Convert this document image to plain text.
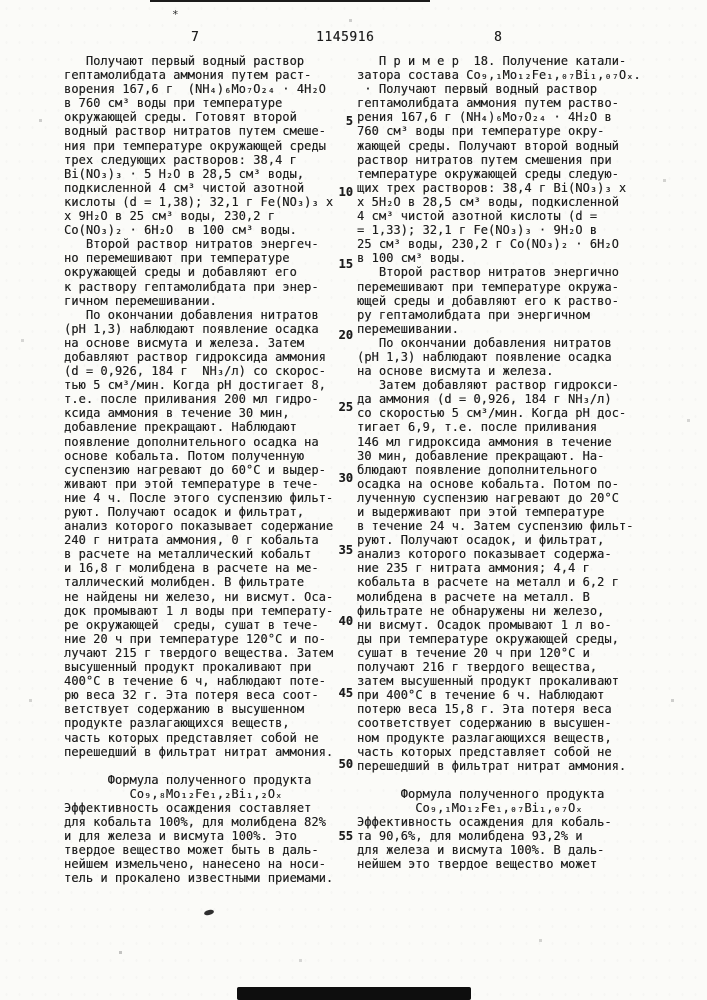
*
7	1145916	8
Получают первый водный раствор
гептамолибдата аммония путем раст-
ворения 167,6 г  (NH₄)₆Mo₇O₂₄ · 4H₂O
в 760 см³ воды при температуре
окружающей среды. Готовят второй
водный раствор нитратов путем смеше-
ния при температуре окружающей среды
трех следующих растворов: 38,4 г
Bi(NO₃)₃ · 5 H₂O в 28,5 см³ воды,
подкисленной 4 см³ чистой азотной
кислоты (d = 1,38); 32,1 г Fe(NO₃)₃ х
х 9H₂O в 25 см³ воды, 230,2 г
Co(NO₃)₂ · 6H₂O  в 100 см³ воды.
Второй раствор нитратов энергеч-
но перемешивают при температуре
окружающей среды и добавляют его
к раствору гептамолибдата при энер-
гичном перемешивании.
По окончании добавления нитратов
(pH 1,3) наблюдают появление осадка
на основе висмута и железа. Затем
добавляют раствор гидроксида аммония
(d = 0,926, 184 г  NH₃/л) со скорос-
тью 5 см³/мин. Когда pH достигает 8,
т.е. после приливания 200 мл гидро-
ксида аммония в течение 30 мин,
добавление прекращают. Наблюдают
появление дополнительного осадка на
основе кобальта. Потом полученную
суспензию нагревают до 60°С и выдер-
живают при этой температуре в тече-
ние 4 ч. После этого суспензию фильт-
руют. Получают осадок и фильтрат,
анализ которого показывает содержание
240 г нитрата аммония, 0 г кобальта
в расчете на металлический кобальт
и 16,8 г молибдена в расчете на ме-
таллический молибден. В фильтрате
не найдены ни железо, ни висмут. Оса-
док промывают 1 л воды при температу-
ре окружающей  среды, сушат в тече-
ние 20 ч при температуре 120°С и по-
лучают 215 г твердого вещества. Затем
высушенный продукт прокаливают при
400°С в течение 6 ч, наблюдают поте-
рю веса 32 г. Эта потеря веса соот-
ветствует содержанию в высушенном
продукте разлагающихся веществ,
часть которых представляет собой не
перешедший в фильтрат нитрат аммония.

Формула полученного продукта
Co₉,₈Mo₁₂Fe₁,₂Bi₁,₂Oₓ
Эффективность осаждения составляет
для кобальта 100%, для молибдена 82%
и для железа и висмута 100%. Это
твердое вещество может быть в даль-
нейшем измельчено, нанесено на носи-
тель и прокалено известными приемами.
5
10
15
20
25
30
35
40
45
50
55
П р и м е р  18. Получение катали-
затора состава Co₉,₁Mo₁₂Fe₁,₀₇Bi₁,₀₇Oₓ.
· Получают первый водный раствор
гептамолибдата аммония путем раство-
рения 167,6 г (NH₄)₆Mo₇O₂₄ · 4H₂O в
760 см³ воды при температуре окру-
жающей среды. Получают второй водный
раствор нитратов путем смешения при
температуре окружающей среды следую-
щих трех растворов: 38,4 г Bi(NO₃)₃ х
х 5H₂O в 28,5 см³ воды, подкисленной
4 см³ чистой азотной кислоты (d =
= 1,33); 32,1 г Fe(NO₃)₃ · 9H₂O в
25 см³ воды, 230,2 г Co(NO₃)₂ · 6H₂O
в 100 см³ воды.
Второй раствор нитратов энергично
перемешивают при температуре окружа-
ющей среды и добавляют его к раство-
ру гептамолибдата при энергичном
перемешивании.
По окончании добавления нитратов
(pH 1,3) наблюдают появление осадка
на основе висмута и железа.
Затем добавляют раствор гидрокси-
да аммония (d = 0,926, 184 г NH₃/л)
со скоростью 5 см³/мин. Когда pH дос-
тигает 6,9, т.е. после приливания
146 мл гидроксида аммония в течение
30 мин, добавление прекращают. На-
блюдают появление дополнительного
осадка на основе кобальта. Потом по-
лученную суспензию нагревают до 20°С
и выдерживают при этой температуре
в течение 24 ч. Затем суспензию фильт-
руют. Получают осадок, и фильтрат,
анализ которого показывает содержа-
ние 235 г нитрата аммония; 4,4 г
кобальта в расчете на металл и 6,2 г
молибдена в расчете на металл. В
фильтрате не обнаружены ни железо,
ни висмут. Осадок промывают 1 л во-
ды при температуре окружающей среды,
сушат в течение 20 ч при 120°С и
получают 216 г твердого вещества,
затем высушенный продукт прокаливают
при 400°С в течение 6 ч. Наблюдают
потерю веса 15,8 г. Эта потеря веса
соответствует содержанию в высушен-
ном продукте разлагающихся веществ,
часть которых представляет собой не
перешедший в фильтрат нитрат аммония.

Формула полученного продукта
Co₉,₁Mo₁₂Fe₁,₀₇Bi₁,₀₇Oₓ
Эффективность осаждения для кобаль-
та 90,6%, для молибдена 93,2% и
для железа и висмута 100%. В даль-
нейшем это твердое вещество может
